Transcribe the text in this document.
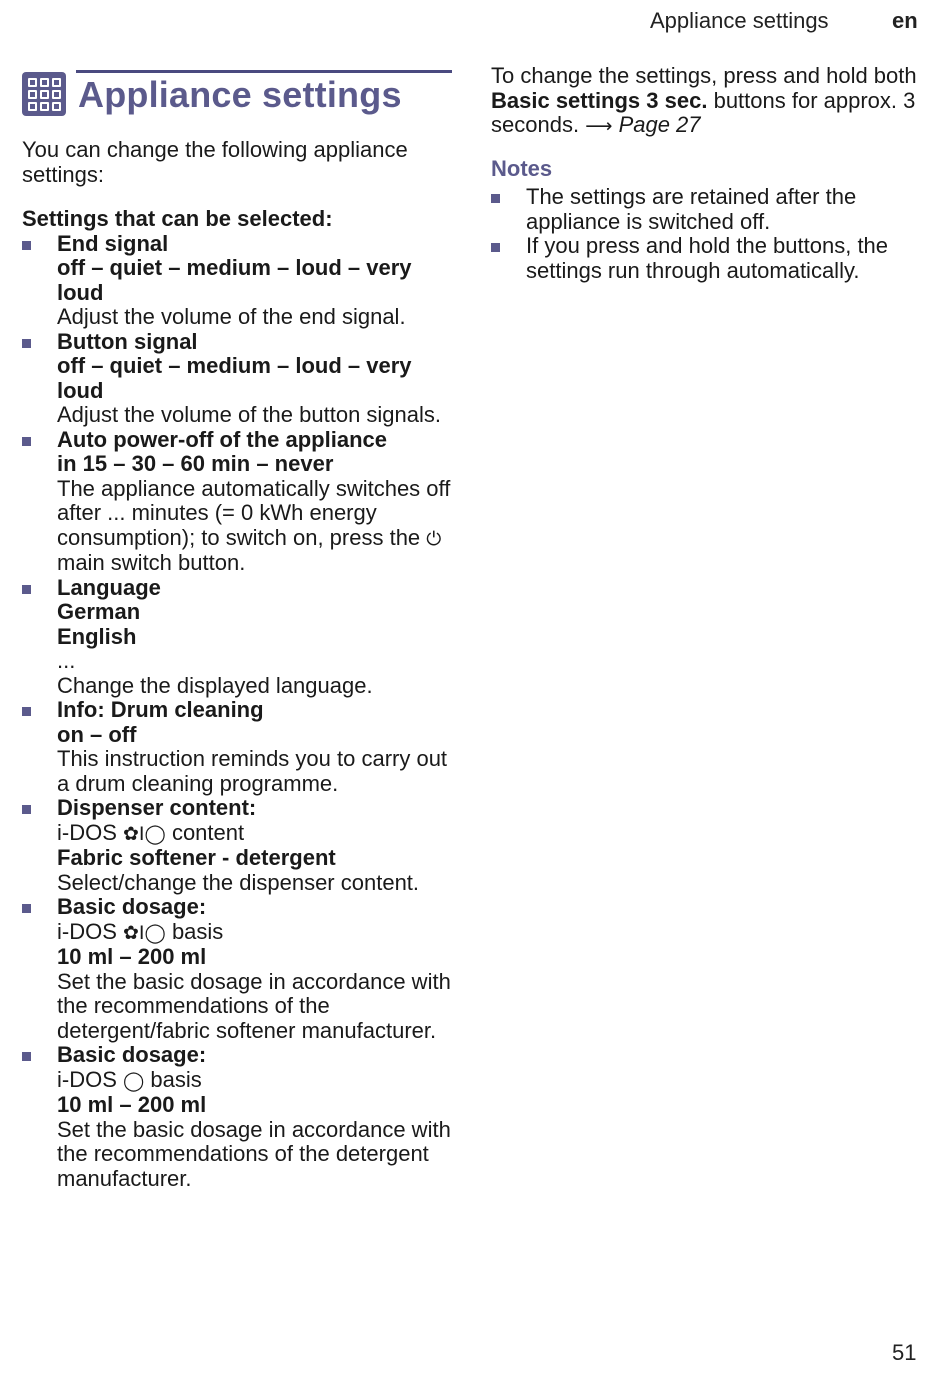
Appliance settings	en
Appliance settings

You can change the following appliance settings:

Settings that can be selected:

End signal
off – quiet – medium – loud – very loud
Adjust the volume of the end signal.
Button signal
off – quiet – medium – loud – very loud
Adjust the volume of the button signals.
Auto power-off of the appliance
in 15 – 30 – 60 min – never
The appliance automatically switches off after ... minutes (= 0 kWh energy consumption); to switch on, press the ⏻ main switch button.
Language
German
English
...
Change the displayed language.
Info: Drum cleaning
on – off
This instruction reminds you to carry out a drum cleaning programme.
Dispenser content:
i-DOS ✿I◯ content
Fabric softener - detergent
Select/change the dispenser content.
Basic dosage:
i-DOS ✿I◯ basis
10 ml – 200 ml
Set the basic dosage in accordance with the recommendations of the detergent/fabric softener manufacturer.
Basic dosage:
i-DOS ◯ basis
10 ml – 200 ml
Set the basic dosage in accordance with the recommendations of the detergent manufacturer.

To change the settings, press and hold both Basic settings 3 sec. buttons for approx. 3 seconds. ⟶ Page 27

Notes

The settings are retained after the appliance is switched off.
If you press and hold the buttons, the settings run through automatically.
51
